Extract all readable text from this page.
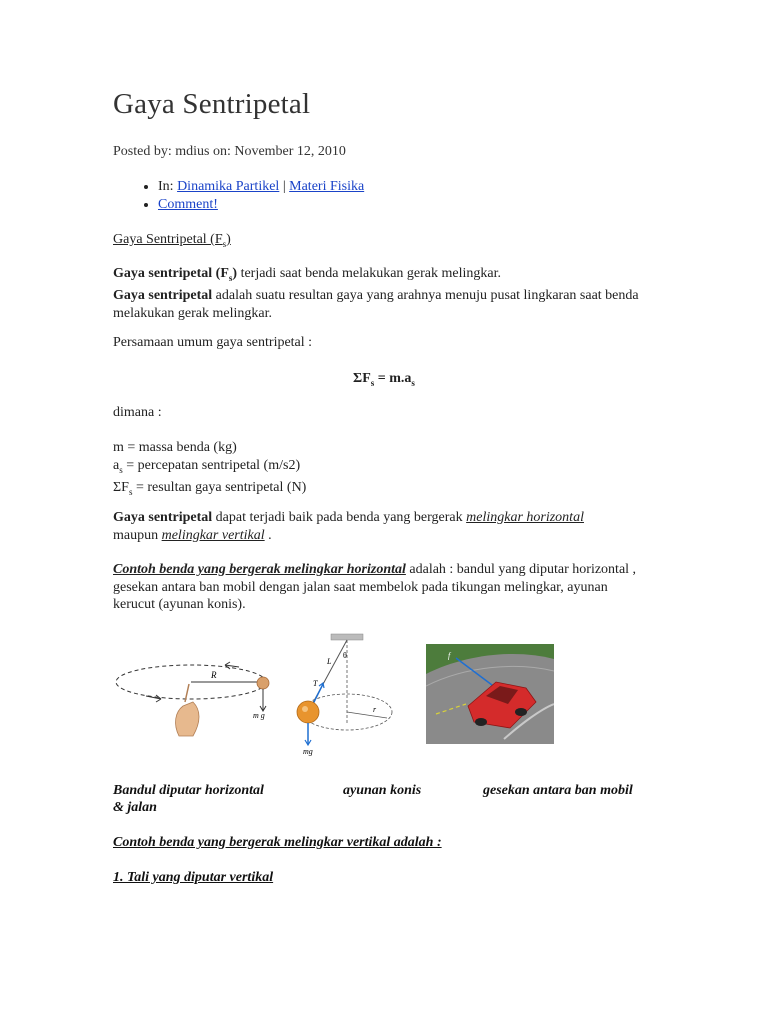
Gaya Sentripetal
Posted by: mdius on: November 12, 2010
• In: Dinamika Partikel | Materi Fisika
• Comment!
Gaya Sentripetal $(F_s)$
Gaya sentripetal $(F_s)$ terjadi saat benda melakukan gerak melingkar.
Gaya sentripetal adalah suatu resultan gaya yang arahnya menuju pusat lingkaran saat benda melakukan gerak melingkar.
Persamaan umum gaya sentripetal :
$\Sigma F_s = m.a_s$
dimana :
m = massa benda (kg)
$a_s$ = percepatan sentripetal (m/s2)
$\Sigma F_s$ = resultan gaya sentripetal (N)
Gaya sentripetal dapat terjadi baik pada benda yang bergerak melingkar horizontal
maupun melingkar vertikal .
Contoh benda yang bergerak melingkar horizontal adalah : bandul yang diputar horizontal , gesekan antara ban mobil dengan jalan saat membelok pada tikungan melingkar, ayunan kerucut (ayunan konis).
R
m g
L
θ
r
T
mg
f
Bandul diputar horizontal	ayunan konis	gesekan antara ban mobil
& jalan
Contoh benda yang bergerak melingkar vertikal adalah :
1. Tali yang diputar vertikal
